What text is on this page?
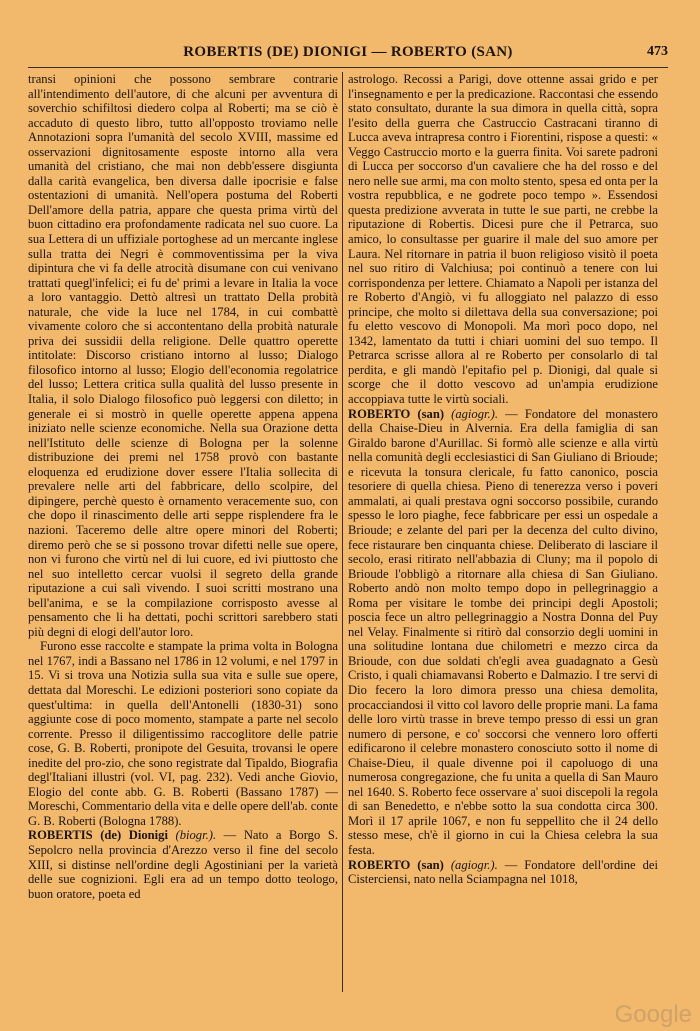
ROBERTIS (DE) DIONIGI — ROBERTO (SAN)	473

transi opinioni che possono sembrare contrarie all'intendimento dell'autore, di che alcuni per avventura di soverchio schifiltosi diedero colpa al Roberti; ma se ciò è accaduto di questo libro, tutto all'opposto troviamo nelle Annotazioni sopra l'umanità del secolo XVIII, massime ed osservazioni dignitosamente esposte intorno alla vera umanità del cristiano, che mai non debb'essere disgiunta dalla carità evangelica, ben diversa dalle ipocrisie e false ostentazioni di umanità. Nell'opera postuma del Roberti Dell'amore della patria, appare che questa prima virtù del buon cittadino era profondamente radicata nel suo cuore. La sua Lettera di un uffiziale portoghese ad un mercante inglese sulla tratta dei Negri è commoventissima per la viva dipintura che vi fa delle atrocità disumane con cui venivano trattati quegl'infelici; ei fu de' primi a levare in Italia la voce a loro vantaggio. Dettò altresì un trattato Della probità naturale, che vide la luce nel 1784, in cui combattè vivamente coloro che si accontentano della probità naturale priva dei sussidii della religione. Delle quattro operette intitolate: Discorso cristiano intorno al lusso; Dialogo filosofico intorno al lusso; Elogio dell'economia regolatrice del lusso; Lettera critica sulla qualità del lusso presente in Italia, il solo Dialogo filosofico può leggersi con diletto; in generale ei si mostrò in quelle operette appena appena iniziato nelle scienze economiche. Nella sua Orazione detta nell'Istituto delle scienze di Bologna per la solenne distribuzione dei premi nel 1758 provò con bastante eloquenza ed erudizione dover essere l'Italia sollecita di prevalere nelle arti del fabbricare, dello scolpire, del dipingere, perchè questo è ornamento veracemente suo, con che dopo il rinascimento delle arti seppe risplendere fra le nazioni. Taceremo delle altre opere minori del Roberti; diremo però che se si possono trovar difetti nelle sue opere, non vi furono che virtù nel di lui cuore, ed ivi piuttosto che nel suo intelletto cercar vuolsi il segreto della grande riputazione a cui salì vivendo. I suoi scritti mostrano una bell'anima, e se la compilazione corrisposto avesse al pensamento che li ha dettati, pochi scrittori sarebbero stati più degni di elogi dell'autor loro.

Furono esse raccolte e stampate la prima volta in Bologna nel 1767, indi a Bassano nel 1786 in 12 volumi, e nel 1797 in 15. Vi si trova una Notizia sulla sua vita e sulle sue opere, dettata dal Moreschi. Le edizioni posteriori sono copiate da quest'ultima: in quella dell'Antonelli (1830-31) sono aggiunte cose di poco momento, stampate a parte nel secolo corrente. Presso il diligentissimo raccoglitore delle patrie cose, G. B. Roberti, pronipote del Gesuita, trovansi le opere inedite del pro-zio, che sono registrate dal Tipaldo, Biografia degl'Italiani illustri (vol. VI, pag. 232). Vedi anche Giovio, Elogio del conte abb. G. B. Roberti (Bassano 1787) — Moreschi, Commentario della vita e delle opere dell'ab. conte G. B. Roberti (Bologna 1788).

ROBERTIS (de) Dionigi (biogr.). — Nato a Borgo S. Sepolcro nella provincia d'Arezzo verso il fine del secolo XIII, si distinse nell'ordine degli Agostiniani per la varietà delle sue cognizioni. Egli era ad un tempo dotto teologo, buon oratore, poeta ed

astrologo. Recossi a Parigi, dove ottenne assai grido e per l'insegnamento e per la predicazione. Raccontasi che essendo stato consultato, durante la sua dimora in quella città, sopra l'esito della guerra che Castruccio Castracani tiranno di Lucca aveva intrapresa contro i Fiorentini, rispose a questi: « Veggo Castruccio morto e la guerra finita. Voi sarete padroni di Lucca per soccorso d'un cavaliere che ha del rosso e del nero nelle sue armi, ma con molto stento, spesa ed onta per la vostra repubblica, e ne godrete poco tempo ». Essendosi questa predizione avverata in tutte le sue parti, ne crebbe la riputazione di Robertis. Dicesi pure che il Petrarca, suo amico, lo consultasse per guarire il male del suo amore per Laura. Nel ritornare in patria il buon religioso visitò il poeta nel suo ritiro di Valchiusa; poi continuò a tenere con lui corrispondenza per lettere. Chiamato a Napoli per istanza del re Roberto d'Angiò, vi fu alloggiato nel palazzo di esso principe, che molto si dilettava della sua conversazione; poi fu eletto vescovo di Monopoli. Ma morì poco dopo, nel 1342, lamentato da tutti i chiari uomini del suo tempo. Il Petrarca scrisse allora al re Roberto per consolarlo di tal perdita, e gli mandò l'epitafio pel p. Dionigi, dal quale si scorge che il dotto vescovo ad un'ampia erudizione accoppiava tutte le virtù sociali.

ROBERTO (san) (agiogr.). — Fondatore del monastero della Chaise-Dieu in Alvernia. Era della famiglia di san Giraldo barone d'Aurillac. Si formò alle scienze e alla virtù nella comunità degli ecclesiastici di San Giuliano di Brioude; e ricevuta la tonsura clericale, fu fatto canonico, poscia tesoriere di quella chiesa. Pieno di tenerezza verso i poveri ammalati, ai quali prestava ogni soccorso possibile, curando spesso le loro piaghe, fece fabbricare per essi un ospedale a Brioude; e zelante del pari per la decenza del culto divino, fece ristaurare ben cinquanta chiese. Deliberato di lasciare il secolo, erasi ritirato nell'abbazia di Cluny; ma il popolo di Brioude l'obbligò a ritornare alla chiesa di San Giuliano. Roberto andò non molto tempo dopo in pellegrinaggio a Roma per visitare le tombe dei principi degli Apostoli; poscia fece un altro pellegrinaggio a Nostra Donna del Puy nel Velay. Finalmente si ritirò dal consorzio degli uomini in una solitudine lontana due chilometri e mezzo circa da Brioude, con due soldati ch'egli avea guadagnato a Gesù Cristo, i quali chiamavansi Roberto e Dalmazio. I tre servi di Dio fecero la loro dimora presso una chiesa demolita, procacciandosi il vitto col lavoro delle proprie mani. La fama delle loro virtù trasse in breve tempo presso di essi un gran numero di persone, e co' soccorsi che vennero loro offerti edificarono il celebre monastero conosciuto sotto il nome di Chaise-Dieu, il quale divenne poi il capoluogo di una numerosa congregazione, che fu unita a quella di San Mauro nel 1640. S. Roberto fece osservare a' suoi discepoli la regola di san Benedetto, e n'ebbe sotto la sua condotta circa 300. Morì il 17 aprile 1067, e non fu seppellito che il 24 dello stesso mese, ch'è il giorno in cui la Chiesa celebra la sua festa.

ROBERTO (san) (agiogr.). — Fondatore dell'ordine dei Cisterciensi, nato nella Sciampagna nel 1018,

Google
